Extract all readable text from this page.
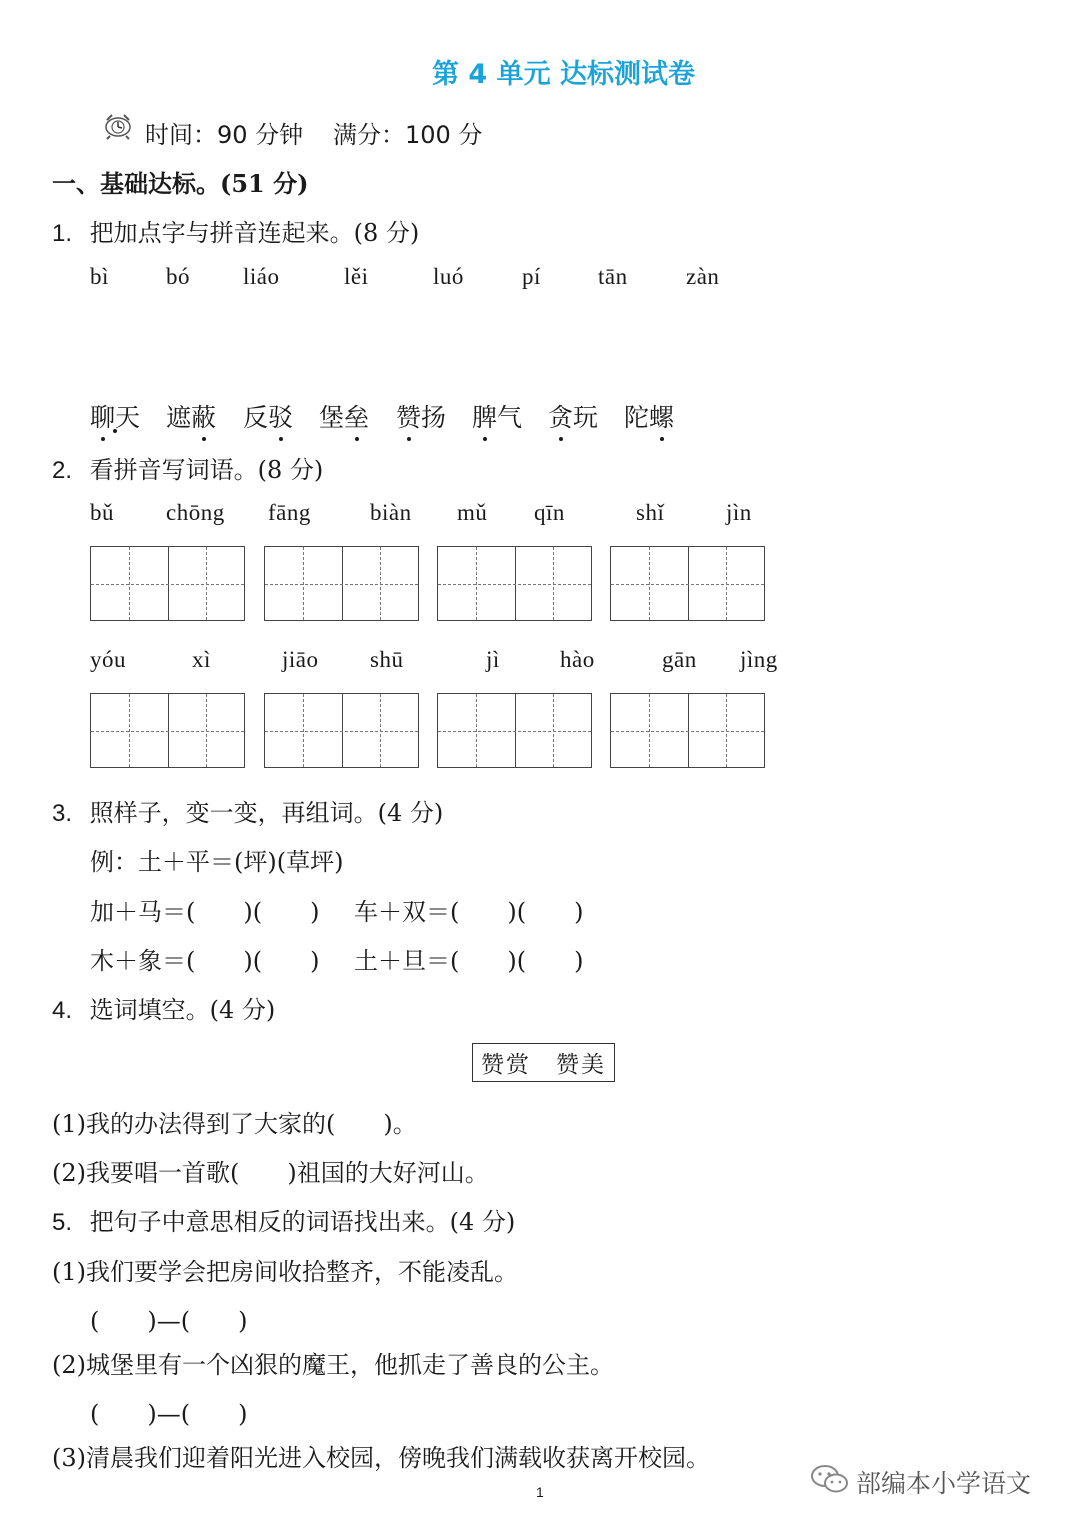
第 4 单元 达标测试卷
时间：90 分钟 满分：100 分
一、基础达标。(51 分)
1. 把加点字与拼音连起来。(8 分)
bì bó liáo	lěi	luó	pí tān	zàn
聊天 遮蔽 反驳 堡垒 赞扬 脾气 贪玩 陀螺
2. 看拼音写词语。(8 分)
bǔ chōng fāng	biàn mǔ qīn	shǐ	jìn
yóu	xì	jiāo shū	jì	hào	gān jìng
3. 照样子，变一变，再组词。(4 分)
例：土＋平＝(坪)(草坪)
加＋马＝(　　)(　　) 车＋双＝(　　)(　　)
木＋象＝(　　)(　　) 土＋旦＝(　　)(　　)
4. 选词填空。(4 分)
赞赏　赞美
(1)我的办法得到了大家的(　　)。
(2)我要唱一首歌(　　)祖国的大好河山。
5. 把句子中意思相反的词语找出来。(4 分)
(1)我们要学会把房间收拾整齐，不能凌乱。
(　　)—(　　)
(2)城堡里有一个凶狠的魔王，他抓走了善良的公主。
(　　)—(　　)
(3)清晨我们迎着阳光进入校园，傍晚我们满载收获离开校园。
1	部编本小学语文
